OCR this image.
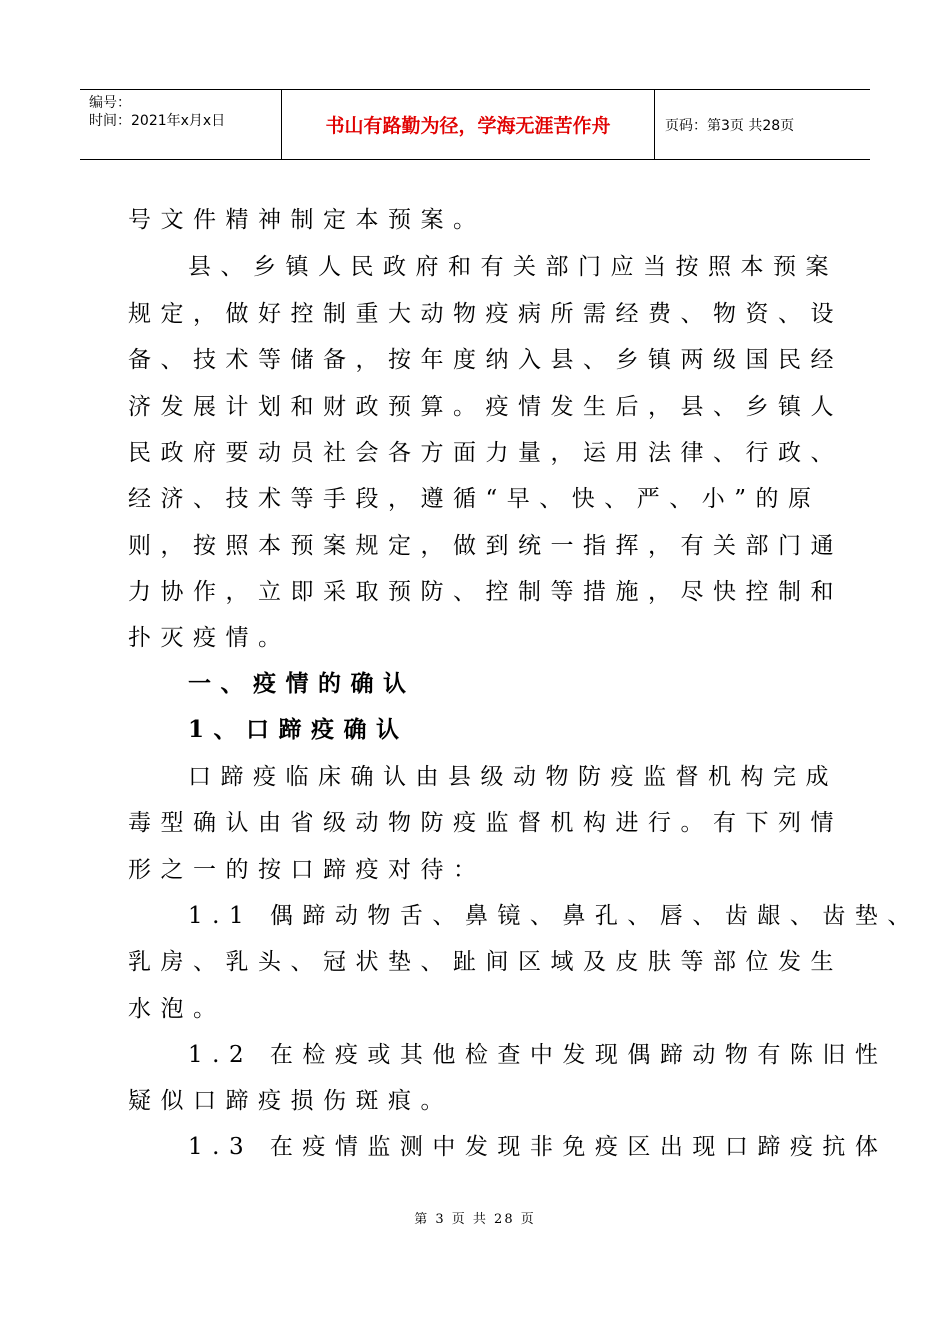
编号：
时间：2021年x月x日	书山有路勤为径，学海无涯苦作舟	页码：第3页 共28页

号文件精神制定本预案。

县、乡镇人民政府和有关部门应当按照本预案

规定，做好控制重大动物疫病所需经费、物资、设

备、技术等储备，按年度纳入县、乡镇两级国民经

济发展计划和财政预算。疫情发生后，县、乡镇人

民政府要动员社会各方面力量，运用法律、行政、

经济、技术等手段，遵循“早、快、严、小”的原

则，按照本预案规定，做到统一指挥，有关部门通

力协作，立即采取预防、控制等措施，尽快控制和

扑灭疫情。

一、疫情的确认

1、口蹄疫确认

口蹄疫临床确认由县级动物防疫监督机构完成

毒型确认由省级动物防疫监督机构进行。有下列情

形之一的按口蹄疫对待：

1.1 偶蹄动物舌、鼻镜、鼻孔、唇、齿龈、齿垫、

乳房、乳头、冠状垫、趾间区域及皮肤等部位发生

水泡。

1.2 在检疫或其他检查中发现偶蹄动物有陈旧性

疑似口蹄疫损伤斑痕。

1.3 在疫情监测中发现非免疫区出现口蹄疫抗体

第 3 页 共 28 页
